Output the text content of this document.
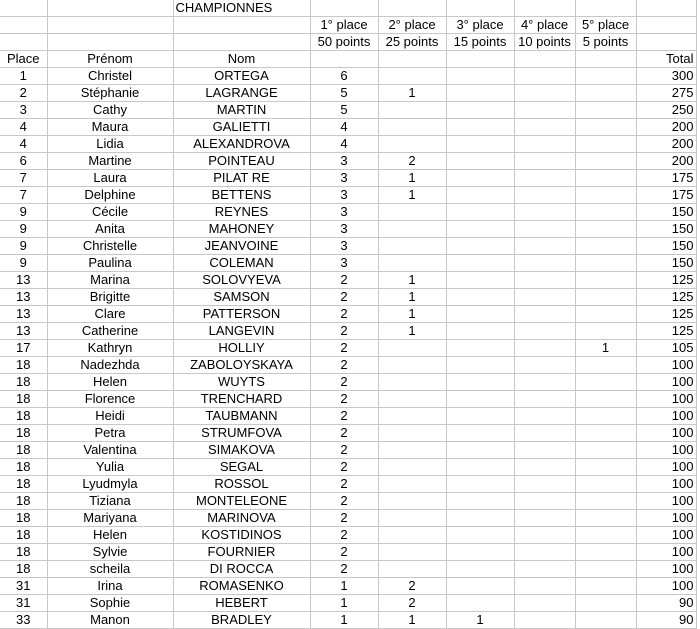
		CHAMPIONNES						
			1° place	2° place	3° place	4° place	5° place	
			50 points	25 points	15 points	10 points	5 points	
Place	Prénom	Nom						Total
1	Christel	ORTEGA	6					300
2	Stéphanie	LAGRANGE	5	1				275
3	Cathy	MARTIN	5					250
4	Maura	GALIETTI	4					200
4	Lidia	ALEXANDROVA	4					200
6	Martine	POINTEAU	3	2				200
7	Laura	PILAT RE	3	1				175
7	Delphine	BETTENS	3	1				175
9	Cécile	REYNES	3					150
9	Anita	MAHONEY	3					150
9	Christelle	JEANVOINE	3					150
9	Paulina	COLEMAN	3					150
13	Marina	SOLOVYEVA	2	1				125
13	Brigitte	SAMSON	2	1				125
13	Clare	PATTERSON	2	1				125
13	Catherine	LANGEVIN	2	1				125
17	Kathryn	HOLLIY	2				1	105
18	Nadezhda	ZABOLOYSKAYA	2					100
18	Helen	WUYTS	2					100
18	Florence	TRENCHARD	2					100
18	Heidi	TAUBMANN	2					100
18	Petra	STRUMFOVA	2					100
18	Valentina	SIMAKOVA	2					100
18	Yulia	SEGAL	2					100
18	Lyudmyla	ROSSOL	2					100
18	Tiziana	MONTELEONE	2					100
18	Mariyana	MARINOVA	2					100
18	Helen	KOSTIDINOS	2					100
18	Sylvie	FOURNIER	2					100
18	scheila	DI ROCCA	2					100
31	Irina	ROMASENKO	1	2				100
31	Sophie	HEBERT	1	2				90
33	Manon	BRADLEY	1	1	1			90
